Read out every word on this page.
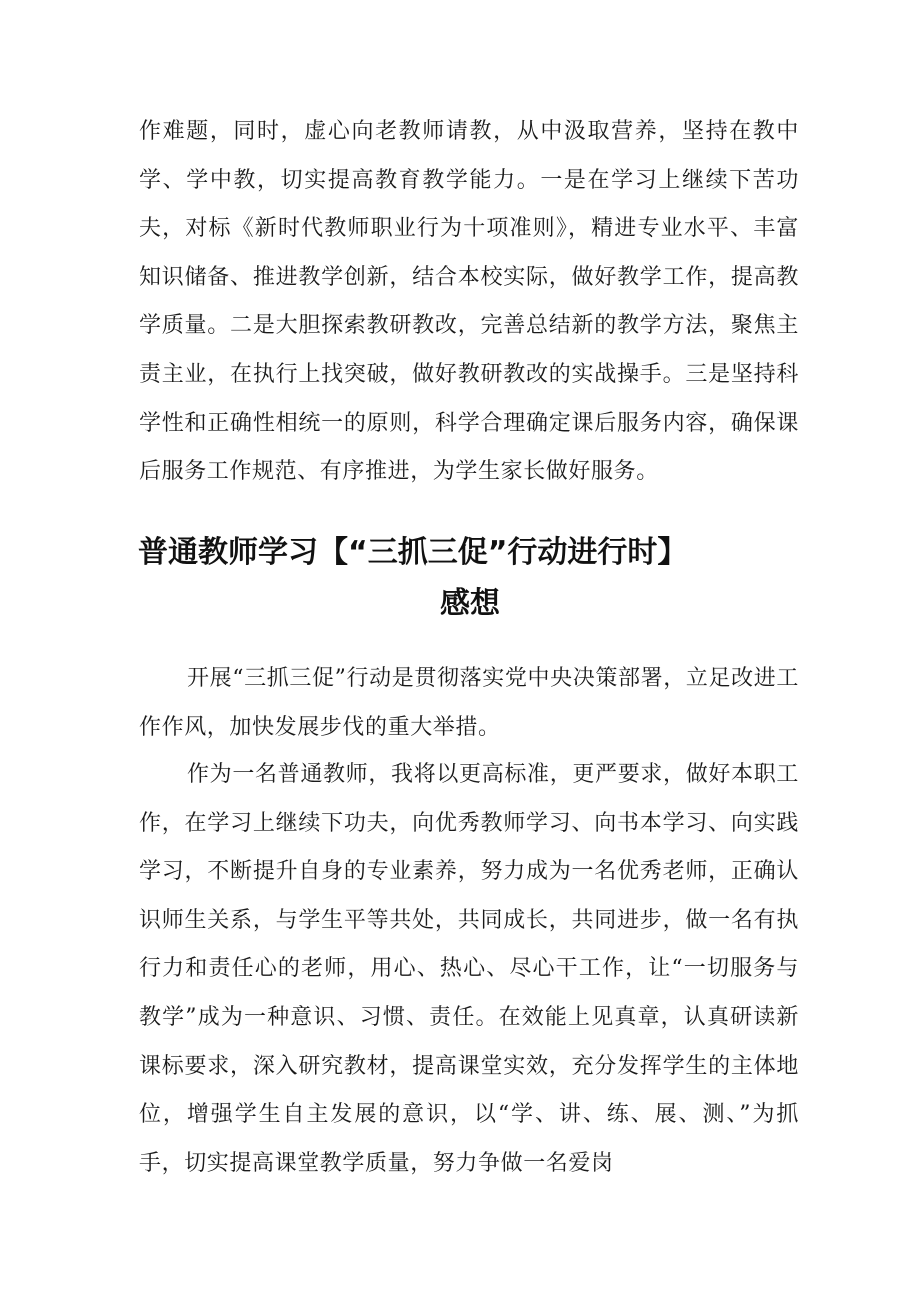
作难题，同时，虚心向老教师请教，从中汲取营养，坚持在教中学、学中教，切实提高教育教学能力。一是在学习上继续下苦功夫，对标《新时代教师职业行为十项准则》，精进专业水平、丰富知识储备、推进教学创新，结合本校实际，做好教学工作，提高教学质量。二是大胆探索教研教改，完善总结新的教学方法，聚焦主责主业，在执行上找突破，做好教研教改的实战操手。三是坚持科学性和正确性相统一的原则，科学合理确定课后服务内容，确保课后服务工作规范、有序推进，为学生家长做好服务。

普通教师学习【“三抓三促”行动进行时】
感想

开展“三抓三促”行动是贯彻落实党中央决策部署，立足改进工作作风，加快发展步伐的重大举措。

作为一名普通教师，我将以更高标准，更严要求，做好本职工作，在学习上继续下功夫，向优秀教师学习、向书本学习、向实践学习，不断提升自身的专业素养，努力成为一名优秀老师，正确认识师生关系，与学生平等共处，共同成长，共同进步，做一名有执行力和责任心的老师，用心、热心、尽心干工作，让“一切服务与教学”成为一种意识、习惯、责任。在效能上见真章，认真研读新课标要求，深入研究教材，提高课堂实效，充分发挥学生的主体地位，增强学生自主发展的意识，以“学、讲、练、展、测、”为抓手，切实提高课堂教学质量，努力争做一名爱岗
